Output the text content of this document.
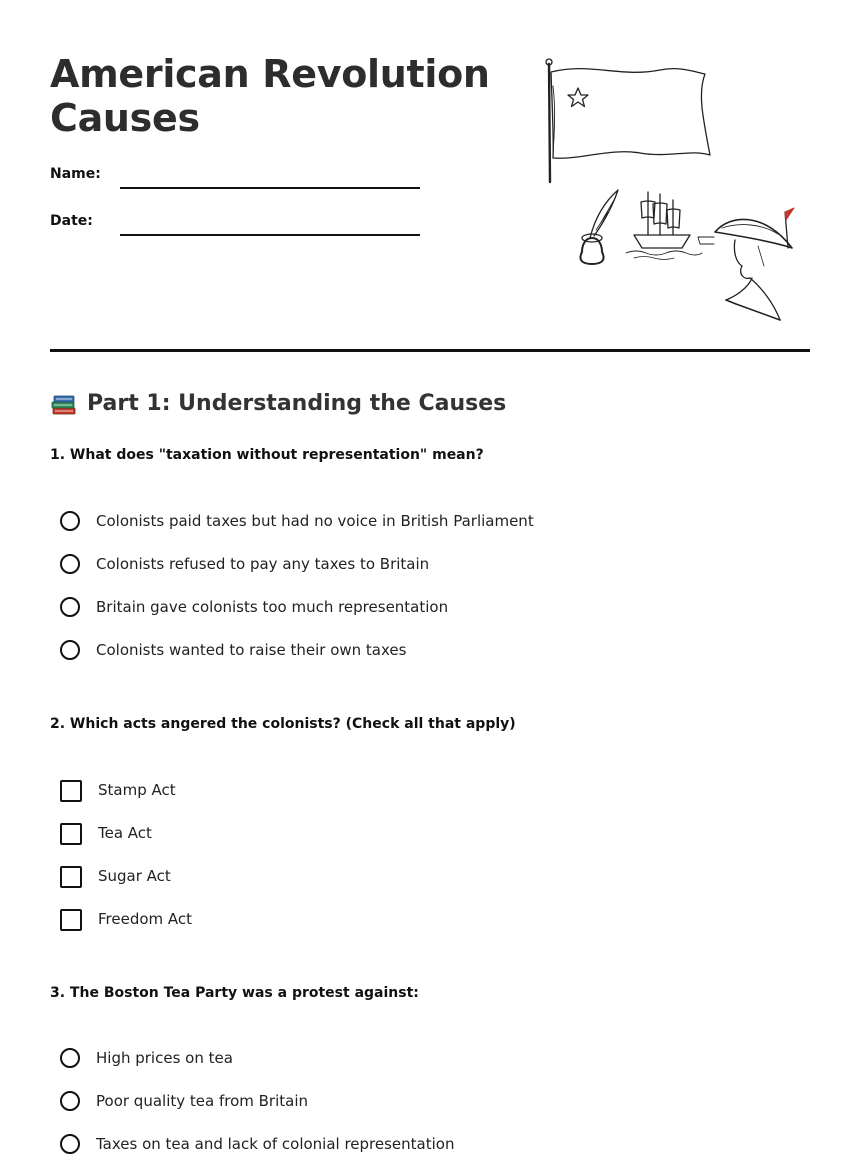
American Revolution Causes
Name:
Date:
Part 1: Understanding the Causes

1. What does "taxation without representation" mean?

Colonists paid taxes but had no voice in British Parliament
Colonists refused to pay any taxes to Britain
Britain gave colonists too much representation
Colonists wanted to raise their own taxes

2. Which acts angered the colonists? (Check all that apply)

Stamp Act
Tea Act
Sugar Act
Freedom Act

3. The Boston Tea Party was a protest against:

High prices on tea
Poor quality tea from Britain
Taxes on tea and lack of colonial representation
